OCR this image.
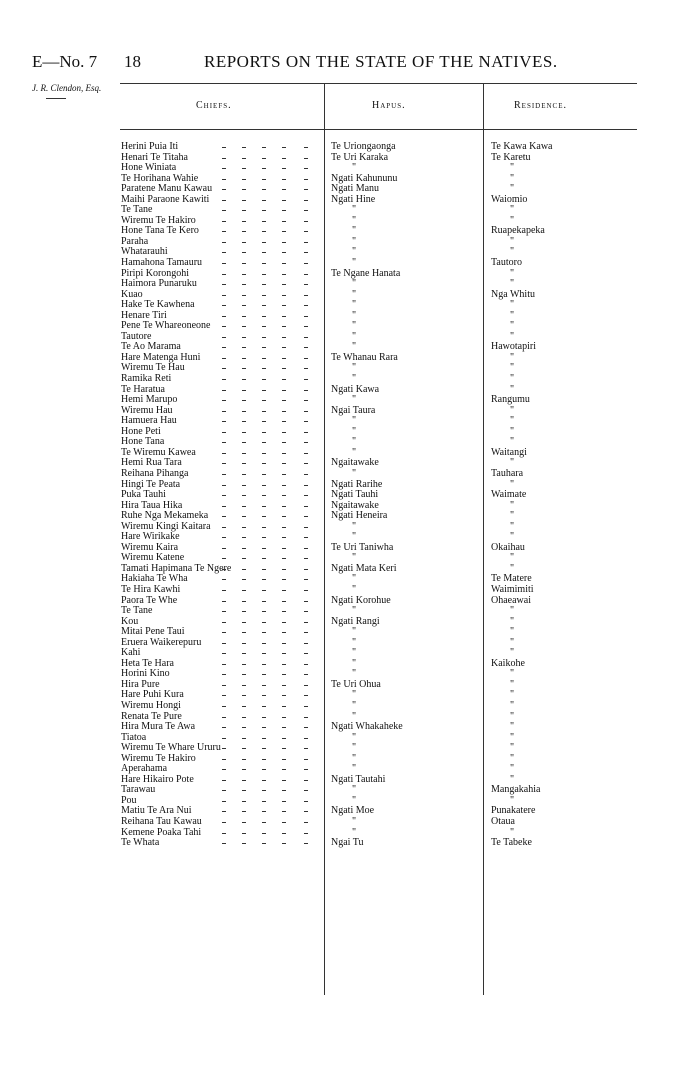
E—No. 7 18	REPORTS ON THE STATE OF THE NATIVES.
J. R. Clendon, Esq.
Chiefs.	Hapus.	Residence.
Herini Puia Iti	Te Uriongaonga	Te Kawa Kawa
Henari Te Titaha	Te Uri Karaka	Te Karetu
Hone Winiata	"	"
Te Horihana Wahie	Ngati Kahununu	"
Paratene Manu Kawau	Ngati Manu	"
Maihi Paraone Kawiti	Ngati Hine	Waiomio
Te Tane	"	"
Wiremu Te Hakiro	"	"
Hone Tana Te Kero	"	Ruapekapeka
Paraha	"	"
Whatarauhi	"	"
Hamahona Tamauru	"	Tautoro
Piripi Korongohi	Te Ngane Hanata	"
Haimora Punaruku	"	"
Kuao	"	Nga Whitu
Hake Te Kawhena	"	"
Henare Tiri	"	"
Pene Te Whareoneone	"	"
Tautore	"	"
Te Ao Marama	"	Hawotapiri
Hare Matenga Huni	Te Whanau Rara	"
Wiremu Te Hau	"	"
Ramika Reti	"	"
Te Haratua	Ngati Kawa	"
Hemi Marupo	"	Rangumu
Wiremu Hau	Ngai Taura	"
Hamuera Hau	"	"
Hone Peti	"	"
Hone Tana	"	"
Te Wiremu Kawea	"	Waitangi
Hemi Rua Tara	Ngaitawake	"
Reihana Pihanga	"	Tauhara
Hingi Te Peata	Ngati Rarihe	"
Puka Tauhi	Ngati Tauhi	Waimate
Hira Taua Hika	Ngaitawake	"
Ruhe Nga Mekameka	Ngati Heneira	"
Wiremu Kingi Kaitara	"	"
Hare Wirikake	"	"
Wiremu Kaira	Te Uri Taniwha	Okaihau
Wiremu Katene	"	"
Tamati Hapimana Te Ngere	Ngati Mata Keri	"
Hakiaha Te Wha	"	Te Matere
Te Hira Kawhi	"	Waimimiti
Paora Te Whe	Ngati Korohue	Ohaeawai
Te Tane	"	"
Kou	Ngati Rangi	"
Mitai Pene Taui	"	"
Eruera Waikerepuru	"	"
Kahi	"	"
Heta Te Hara	"	Kaikohe
Horini Kino	"	"
Hira Pure	Te Uri Ohua	"
Hare Puhi Kura	"	"
Wiremu Hongi	"	"
Renata Te Pure	"	"
Hira Mura Te Awa	Ngati Whakaheke	"
Tiatoa	"	"
Wiremu Te Whare Ururu	"	"
Wiremu Te Hakiro	"	"
Aperahama	"	"
Hare Hikairo Pote	Ngati Tautahi	"
Tarawau	"	Mangakahia
Pou	"	"
Matiu Te Ara Nui	Ngati Moe	Punakatere
Reihana Tau Kawau	"	Otaua
Kemene Poaka Tahi	"	"
Te Whata	Ngai Tu	Te Tabeke
